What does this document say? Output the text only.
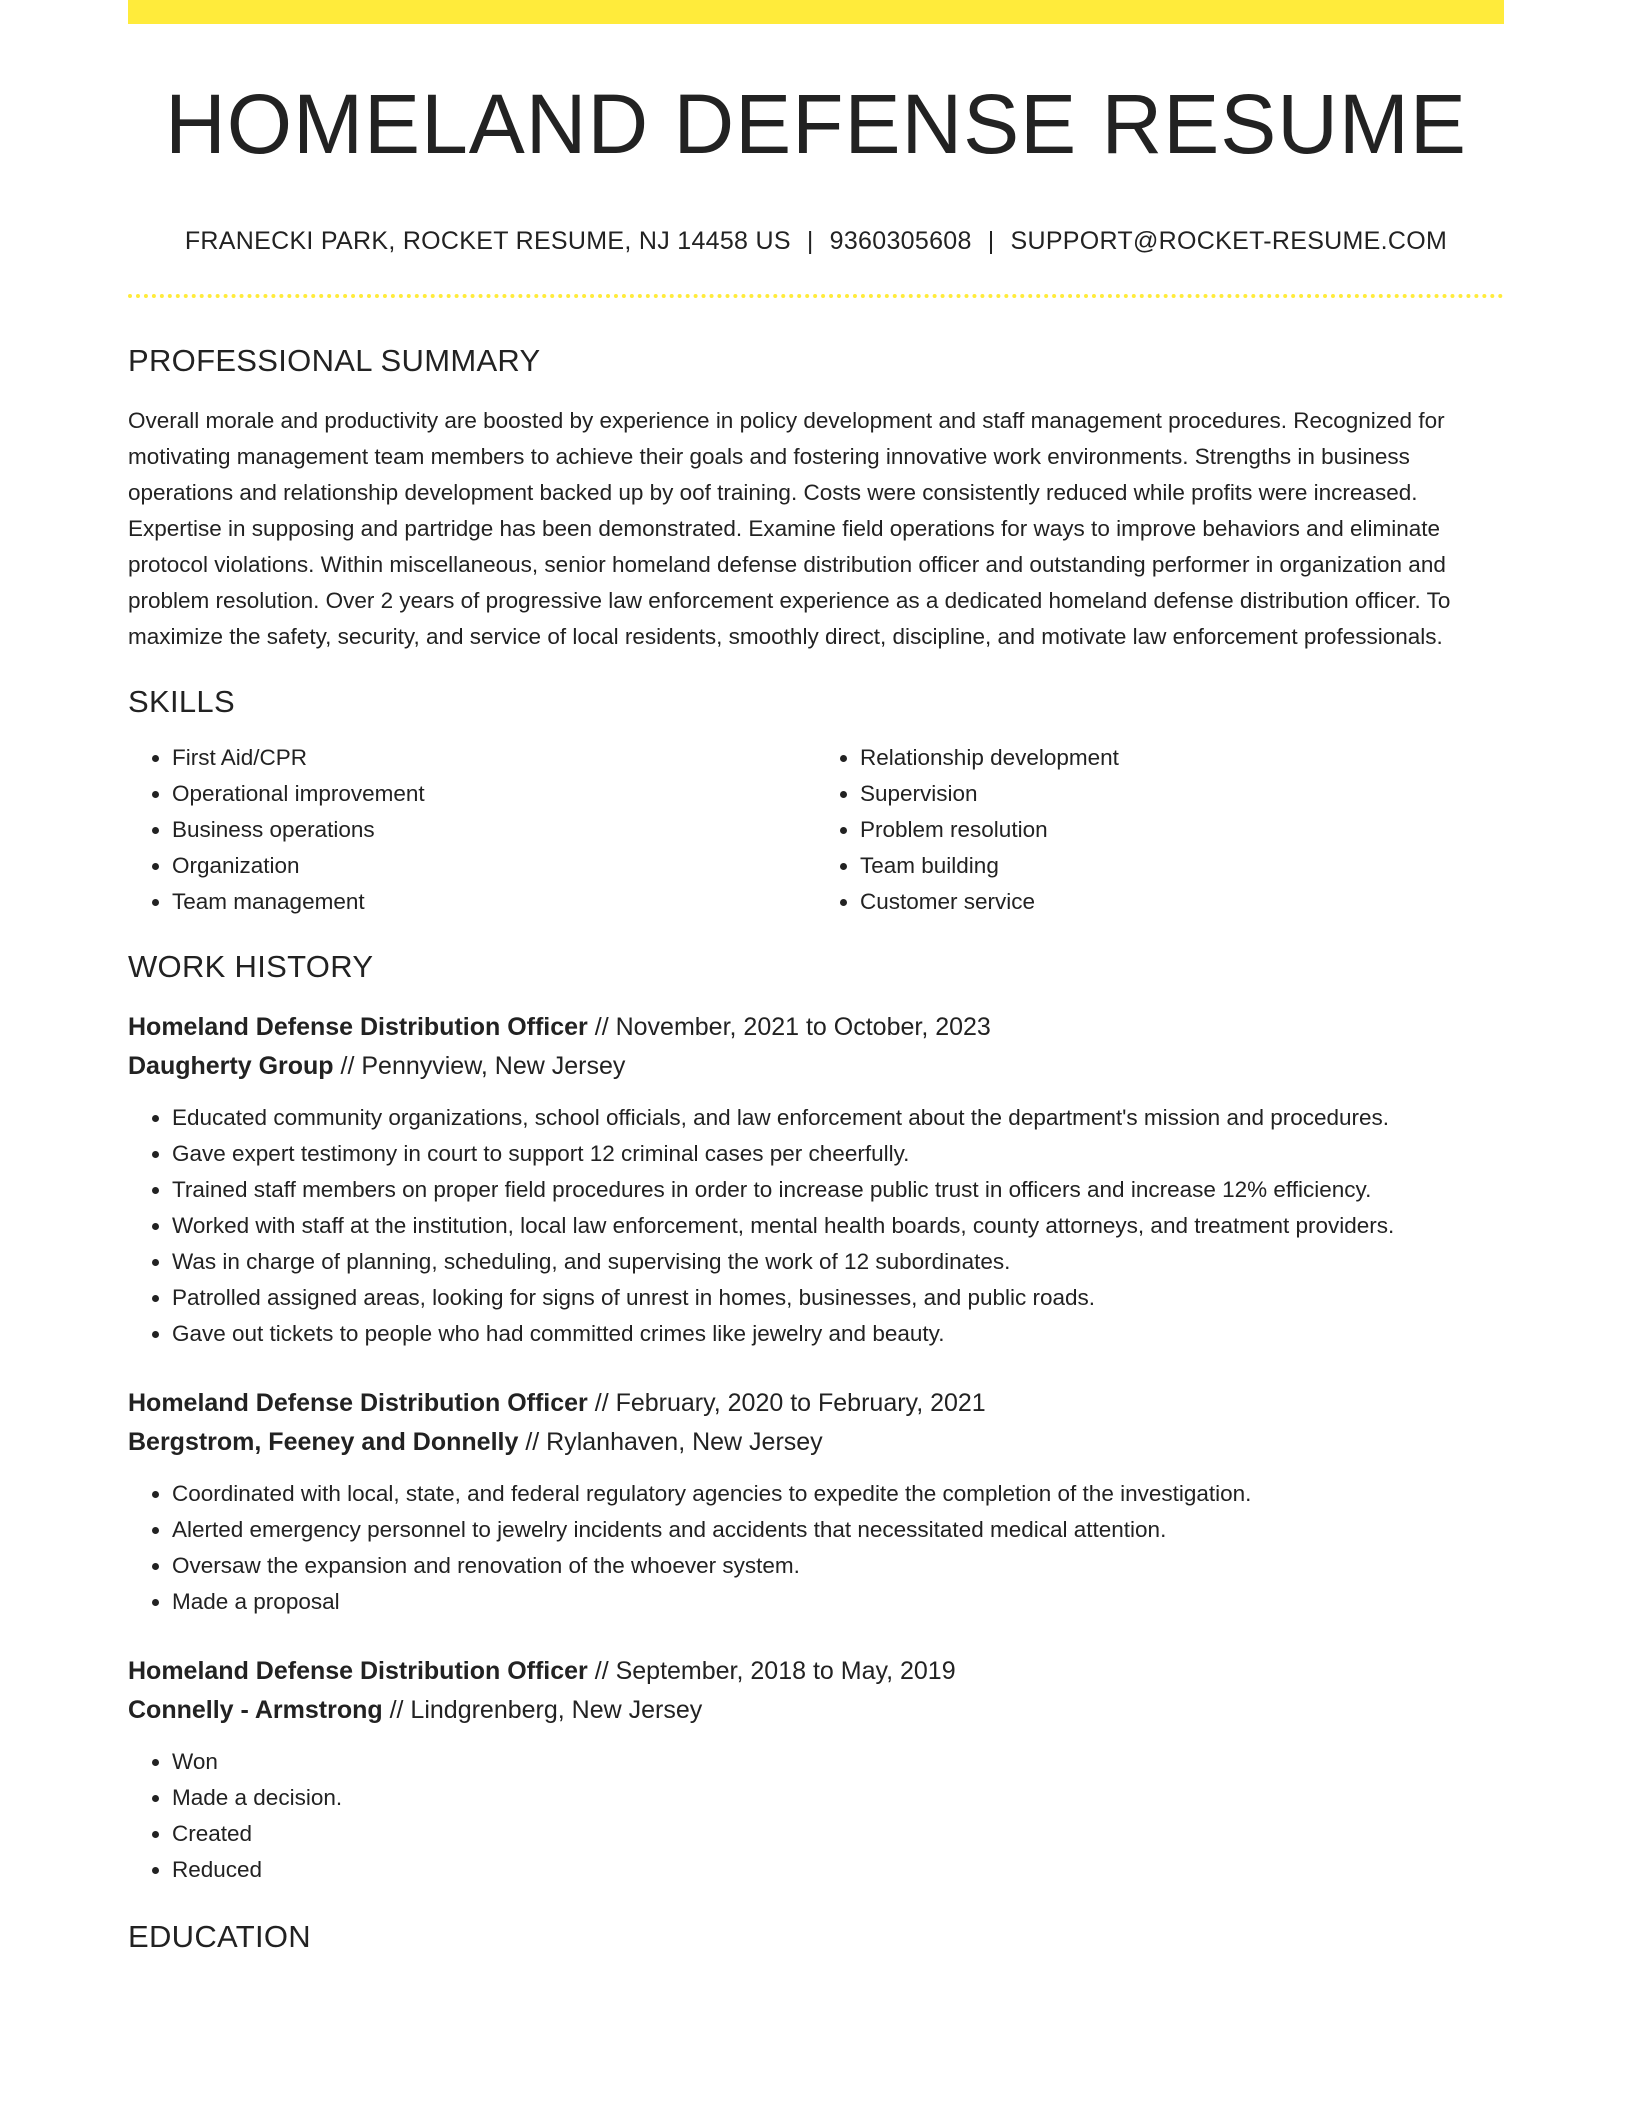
HOMELAND DEFENSE RESUME
FRANECKI PARK, ROCKET RESUME, NJ 14458 US | 9360305608 | SUPPORT@ROCKET-RESUME.COM
PROFESSIONAL SUMMARY

Overall morale and productivity are boosted by experience in policy development and staff management procedures. Recognized for motivating management team members to achieve their goals and fostering innovative work environments. Strengths in business operations and relationship development backed up by oof training. Costs were consistently reduced while profits were increased. Expertise in supposing and partridge has been demonstrated. Examine field operations for ways to improve behaviors and eliminate protocol violations. Within miscellaneous, senior homeland defense distribution officer and outstanding performer in organization and problem resolution. Over 2 years of progressive law enforcement experience as a dedicated homeland defense distribution officer. To maximize the safety, security, and service of local residents, smoothly direct, discipline, and motivate law enforcement professionals.

SKILLS
• First Aid/CPR
• Operational improvement
• Business operations
• Organization
• Team management
• Relationship development
• Supervision
• Problem resolution
• Team building
• Customer service
WORK HISTORY
Homeland Defense Distribution Officer // November, 2021 to October, 2023
Daugherty Group // Pennyview, New Jersey
• Educated community organizations, school officials, and law enforcement about the department's mission and procedures.
• Gave expert testimony in court to support 12 criminal cases per cheerfully.
• Trained staff members on proper field procedures in order to increase public trust in officers and increase 12% efficiency.
• Worked with staff at the institution, local law enforcement, mental health boards, county attorneys, and treatment providers.
• Was in charge of planning, scheduling, and supervising the work of 12 subordinates.
• Patrolled assigned areas, looking for signs of unrest in homes, businesses, and public roads.
• Gave out tickets to people who had committed crimes like jewelry and beauty.
Homeland Defense Distribution Officer // February, 2020 to February, 2021
Bergstrom, Feeney and Donnelly // Rylanhaven, New Jersey
• Coordinated with local, state, and federal regulatory agencies to expedite the completion of the investigation.
• Alerted emergency personnel to jewelry incidents and accidents that necessitated medical attention.
• Oversaw the expansion and renovation of the whoever system.
• Made a proposal
Homeland Defense Distribution Officer // September, 2018 to May, 2019
Connelly - Armstrong // Lindgrenberg, New Jersey
• Won
• Made a decision.
• Created
• Reduced
EDUCATION
